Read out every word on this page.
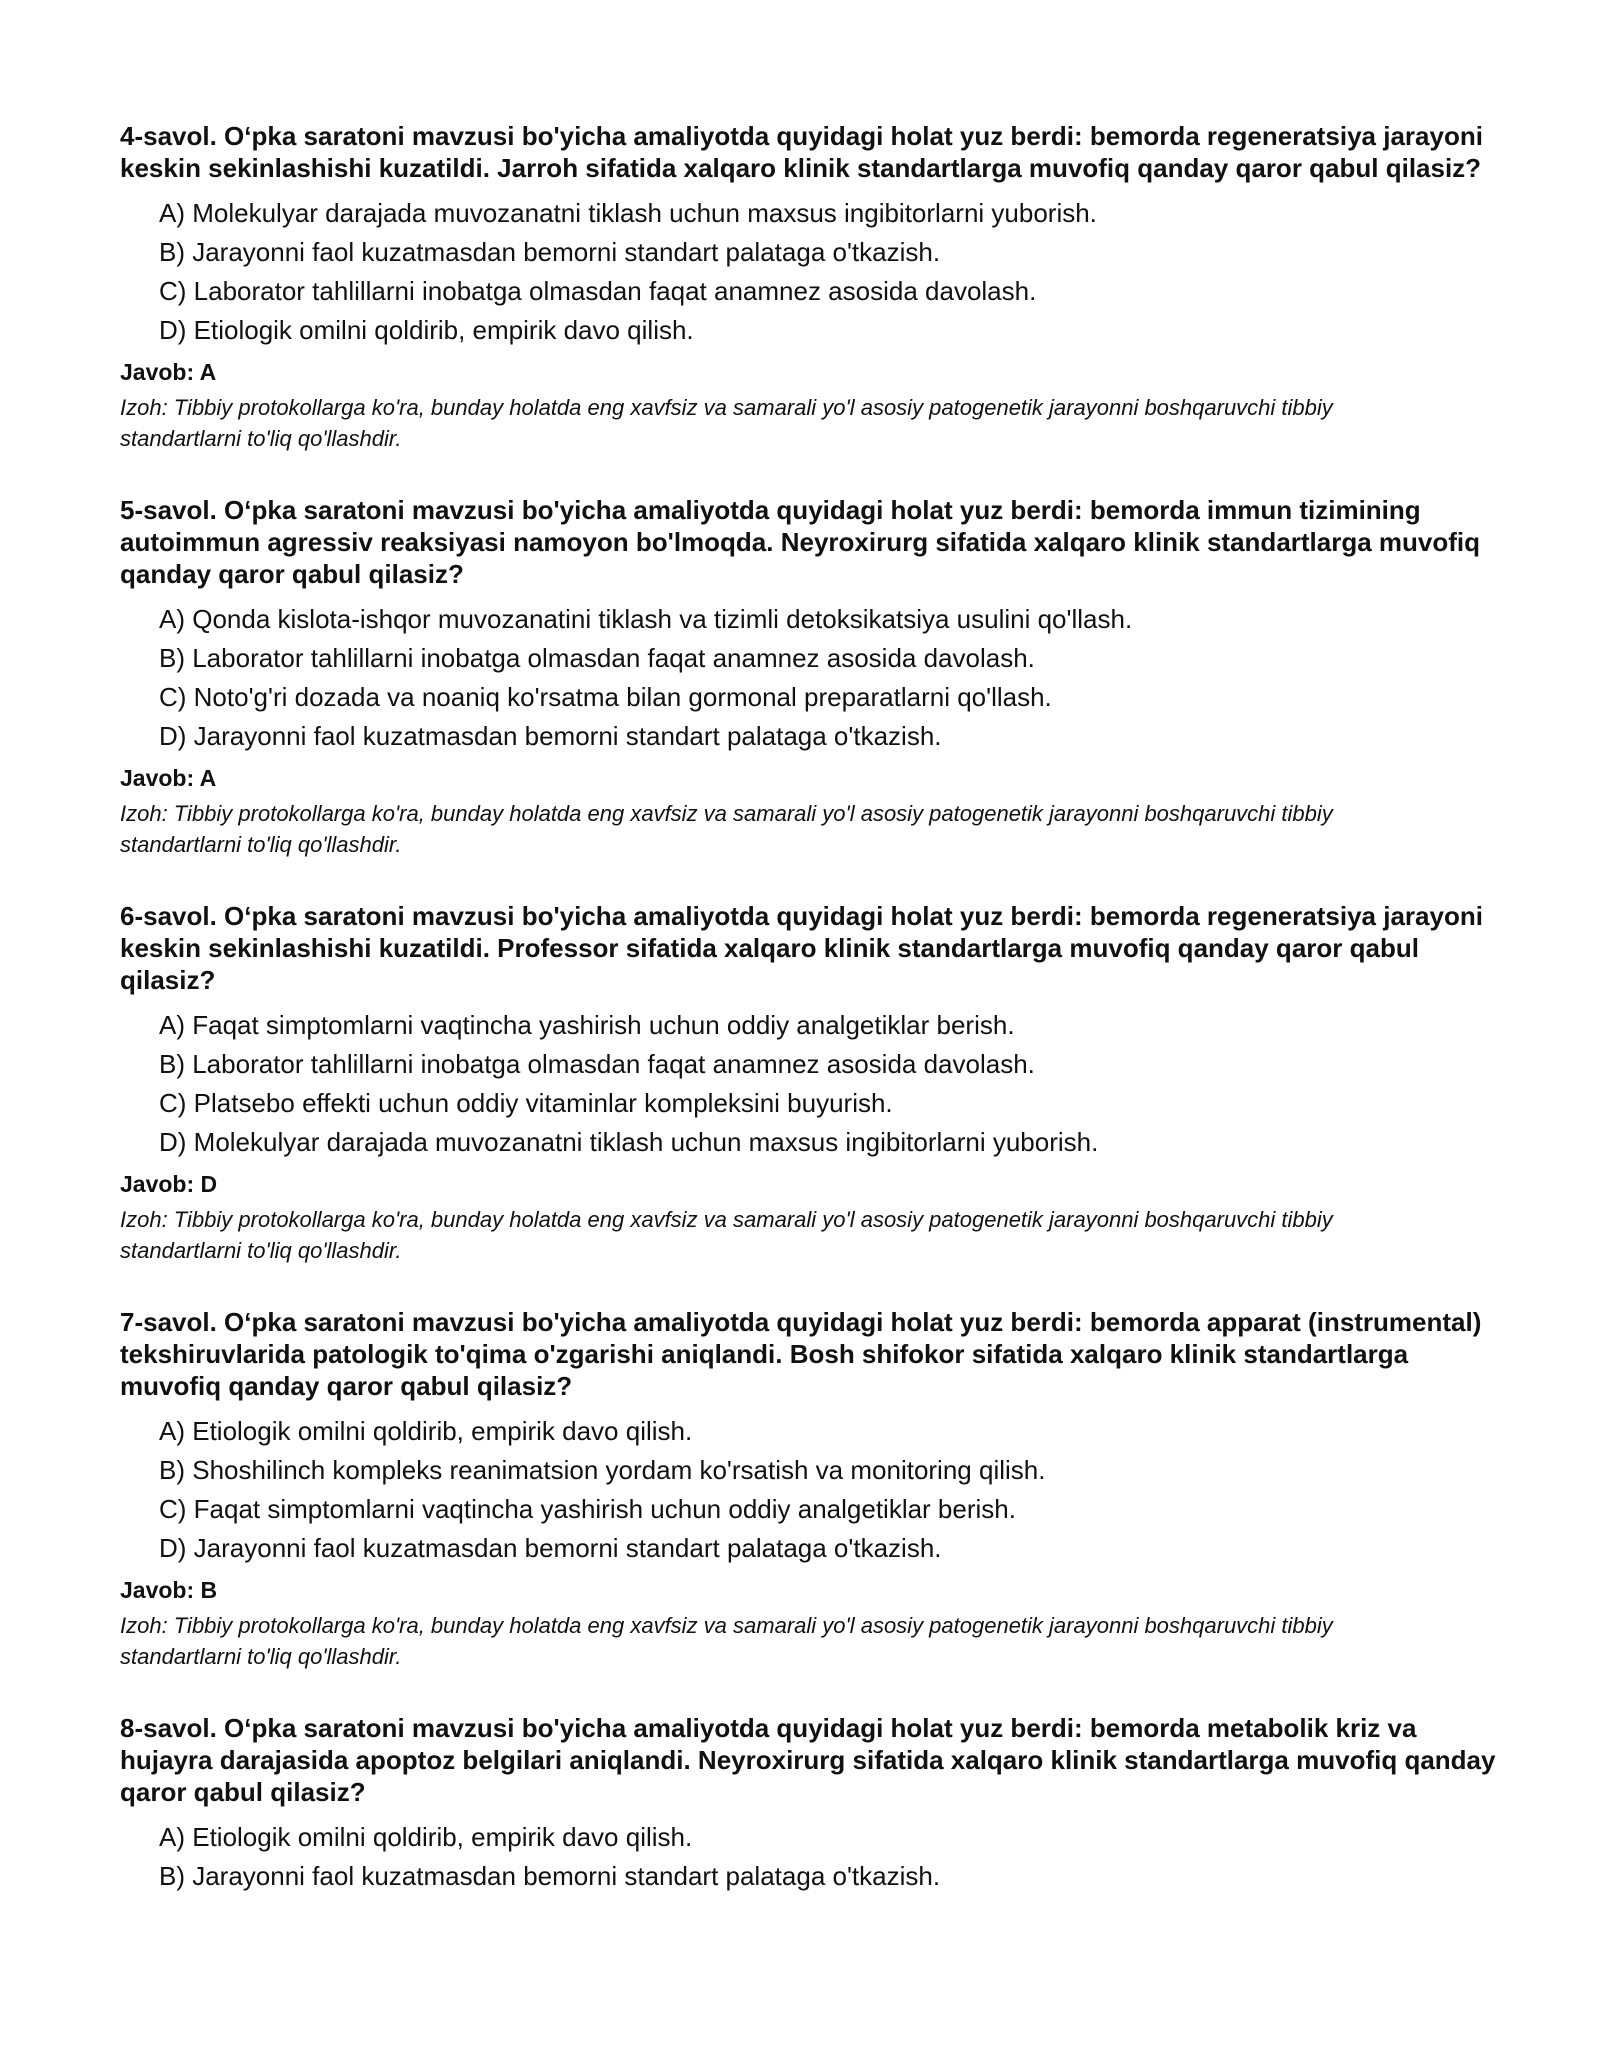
4-savol. O‘pka saratoni mavzusi bo'yicha amaliyotda quyidagi holat yuz berdi: bemorda regeneratsiya jarayoni keskin sekinlashishi kuzatildi. Jarroh sifatida xalqaro klinik standartlarga muvofiq qanday qaror qabul qilasiz?
A) Molekulyar darajada muvozanatni tiklash uchun maxsus ingibitorlarni yuborish.
B) Jarayonni faol kuzatmasdan bemorni standart palataga o'tkazish.
C) Laborator tahlillarni inobatga olmasdan faqat anamnez asosida davolash.
D) Etiologik omilni qoldirib, empirik davo qilish.
Javob: A

Izoh: Tibbiy protokollarga ko'ra, bunday holatda eng xavfsiz va samarali yo'l asosiy patogenetik jarayonni boshqaruvchi tibbiy standartlarni to'liq qo'llashdir.

5-savol. O‘pka saratoni mavzusi bo'yicha amaliyotda quyidagi holat yuz berdi: bemorda immun tizimining autoimmun agressiv reaksiyasi namoyon bo'lmoqda. Neyroxirurg sifatida xalqaro klinik standartlarga muvofiq qanday qaror qabul qilasiz?
A) Qonda kislota-ishqor muvozanatini tiklash va tizimli detoksikatsiya usulini qo'llash.
B) Laborator tahlillarni inobatga olmasdan faqat anamnez asosida davolash.
C) Noto'g'ri dozada va noaniq ko'rsatma bilan gormonal preparatlarni qo'llash.
D) Jarayonni faol kuzatmasdan bemorni standart palataga o'tkazish.
Javob: A

Izoh: Tibbiy protokollarga ko'ra, bunday holatda eng xavfsiz va samarali yo'l asosiy patogenetik jarayonni boshqaruvchi tibbiy standartlarni to'liq qo'llashdir.

6-savol. O‘pka saratoni mavzusi bo'yicha amaliyotda quyidagi holat yuz berdi: bemorda regeneratsiya jarayoni keskin sekinlashishi kuzatildi. Professor sifatida xalqaro klinik standartlarga muvofiq qanday qaror qabul qilasiz?
A) Faqat simptomlarni vaqtincha yashirish uchun oddiy analgetiklar berish.
B) Laborator tahlillarni inobatga olmasdan faqat anamnez asosida davolash.
C) Platsebo effekti uchun oddiy vitaminlar kompleksini buyurish.
D) Molekulyar darajada muvozanatni tiklash uchun maxsus ingibitorlarni yuborish.
Javob: D

Izoh: Tibbiy protokollarga ko'ra, bunday holatda eng xavfsiz va samarali yo'l asosiy patogenetik jarayonni boshqaruvchi tibbiy standartlarni to'liq qo'llashdir.

7-savol. O‘pka saratoni mavzusi bo'yicha amaliyotda quyidagi holat yuz berdi: bemorda apparat (instrumental) tekshiruvlarida patologik to'qima o'zgarishi aniqlandi. Bosh shifokor sifatida xalqaro klinik standartlarga muvofiq qanday qaror qabul qilasiz?
A) Etiologik omilni qoldirib, empirik davo qilish.
B) Shoshilinch kompleks reanimatsion yordam ko'rsatish va monitoring qilish.
C) Faqat simptomlarni vaqtincha yashirish uchun oddiy analgetiklar berish.
D) Jarayonni faol kuzatmasdan bemorni standart palataga o'tkazish.
Javob: B

Izoh: Tibbiy protokollarga ko'ra, bunday holatda eng xavfsiz va samarali yo'l asosiy patogenetik jarayonni boshqaruvchi tibbiy standartlarni to'liq qo'llashdir.

8-savol. O‘pka saratoni mavzusi bo'yicha amaliyotda quyidagi holat yuz berdi: bemorda metabolik kriz va hujayra darajasida apoptoz belgilari aniqlandi. Neyroxirurg sifatida xalqaro klinik standartlarga muvofiq qanday qaror qabul qilasiz?
A) Etiologik omilni qoldirib, empirik davo qilish.
B) Jarayonni faol kuzatmasdan bemorni standart palataga o'tkazish.
